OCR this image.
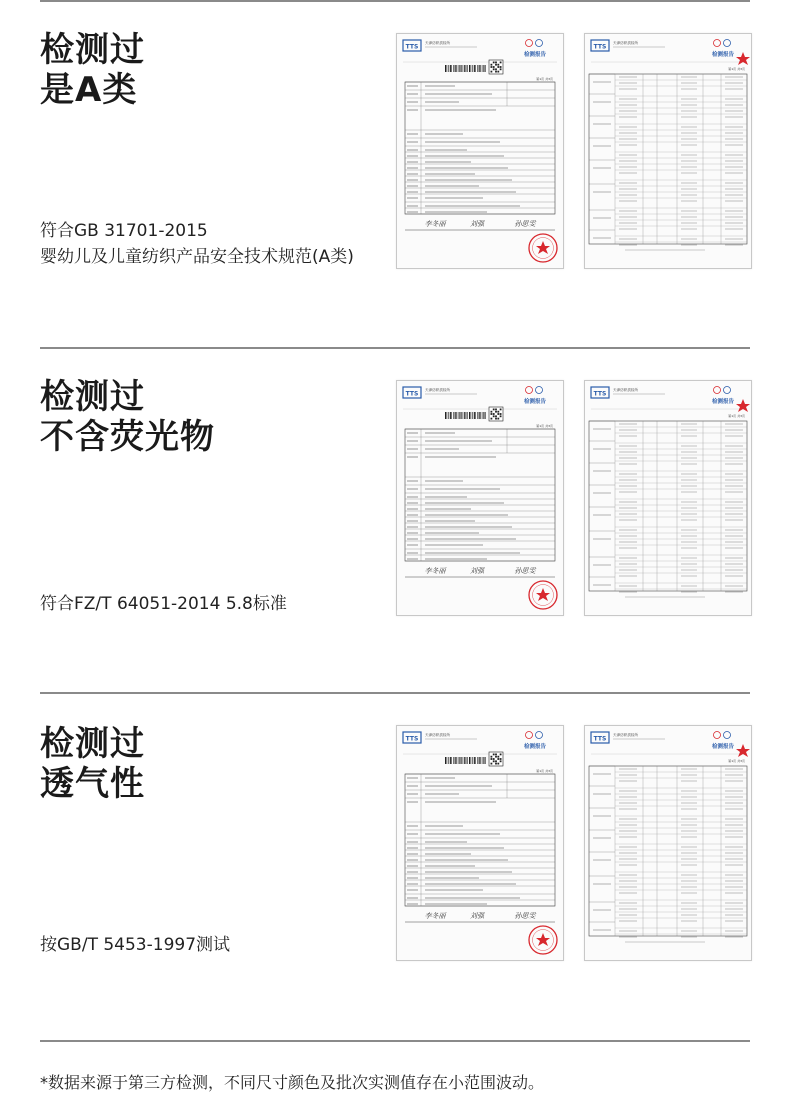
检测过
是A类
符合GB 31701-2015
婴幼儿及儿童纺织产品安全技术规范(A类)
TTS
天津纺织质检所
检测报告
第1页 共3页
李冬丽	刘强	孙思雯
TTS
天津纺织质检所
检测报告
第1页 共3页
检测过
不含荧光物
符合FZ/T 64051-2014 5.8标准
TTS
天津纺织质检所
检测报告
第1页 共3页
李冬丽	刘强	孙思雯
TTS
天津纺织质检所
检测报告
第1页 共3页
检测过
透气性
按GB/T 5453-1997测试
TTS
天津纺织质检所
检测报告
第1页 共3页
李冬丽	刘强	孙思雯
TTS
天津纺织质检所
检测报告
第1页 共3页
*数据来源于第三方检测，不同尺寸颜色及批次实测值存在小范围波动。
